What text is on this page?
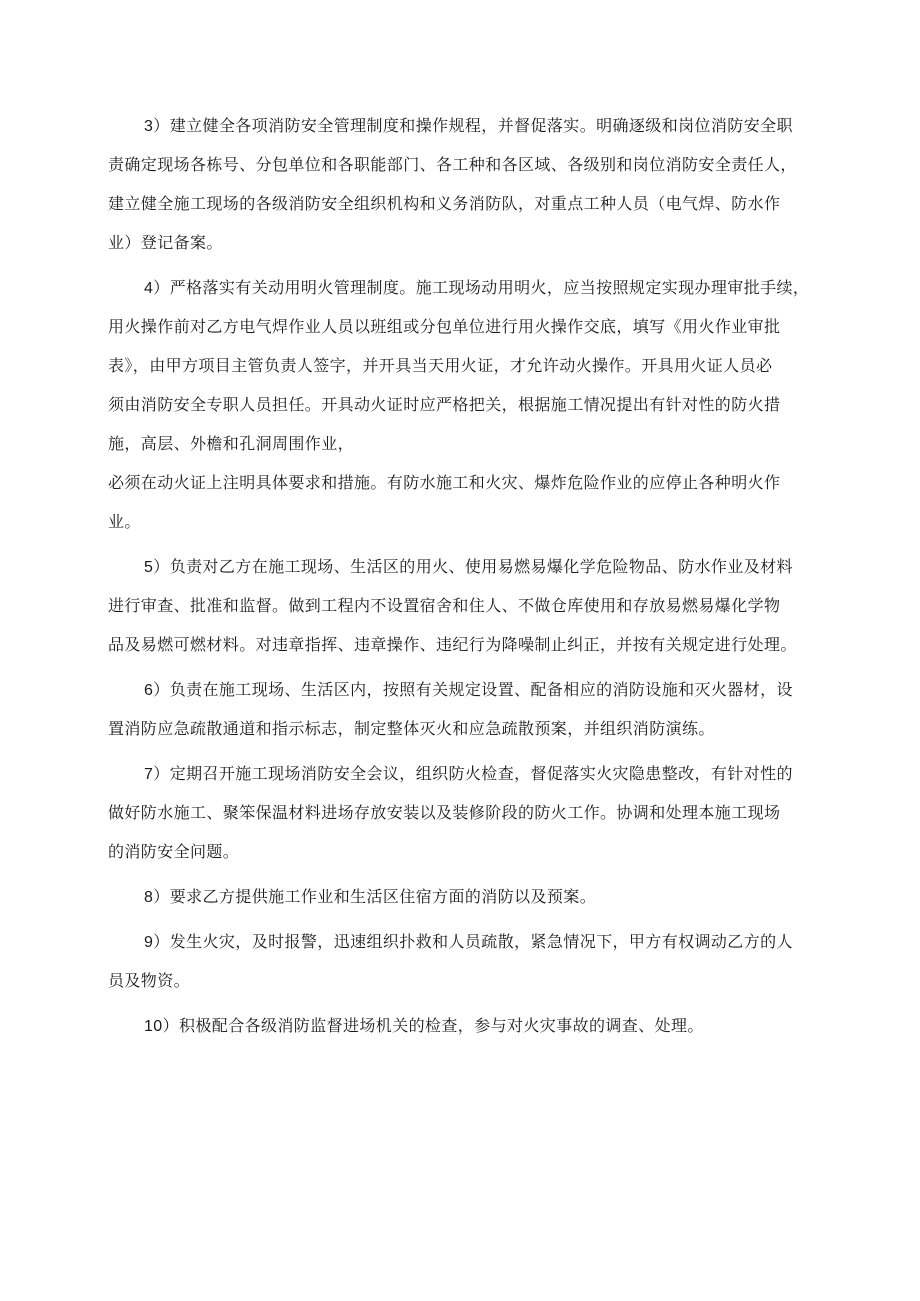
3）建立健全各项消防安全管理制度和操作规程，并督促落实。明确逐级和岗位消防安全职

责确定现场各栋号、分包单位和各职能部门、各工种和各区域、各级别和岗位消防安全责任人，

建立健全施工现场的各级消防安全组织机构和义务消防队，对重点工种人员（电气焊、防水作

业）登记备案。

4）严格落实有关动用明火管理制度。施工现场动用明火，应当按照规定实现办理审批手续，

用火操作前对乙方电气焊作业人员以班组或分包单位进行用火操作交底，填写《用火作业审批

表》，由甲方项目主管负责人签字，并开具当天用火证，才允许动火操作。开具用火证人员必

须由消防安全专职人员担任。开具动火证时应严格把关，根据施工情况提出有针对性的防火措

施，高层、外檐和孔洞周围作业，

必须在动火证上注明具体要求和措施。有防水施工和火灾、爆炸危险作业的应停止各种明火作

业。

5）负责对乙方在施工现场、生活区的用火、使用易燃易爆化学危险物品、防水作业及材料

进行审查、批准和监督。做到工程内不设置宿舍和住人、不做仓库使用和存放易燃易爆化学物

品及易燃可燃材料。对违章指挥、违章操作、违纪行为降噪制止纠正，并按有关规定进行处理。

6）负责在施工现场、生活区内，按照有关规定设置、配备相应的消防设施和灭火器材，设

置消防应急疏散通道和指示标志，制定整体灭火和应急疏散预案，并组织消防演练。

7）定期召开施工现场消防安全会议，组织防火检查，督促落实火灾隐患整改，有针对性的

做好防水施工、聚笨保温材料进场存放安装以及装修阶段的防火工作。协调和处理本施工现场

的消防安全问题。

8）要求乙方提供施工作业和生活区住宿方面的消防以及预案。

9）发生火灾，及时报警，迅速组织扑救和人员疏散，紧急情况下，甲方有权调动乙方的人

员及物资。

10）积极配合各级消防监督进场机关的检查，参与对火灾事故的调查、处理。
